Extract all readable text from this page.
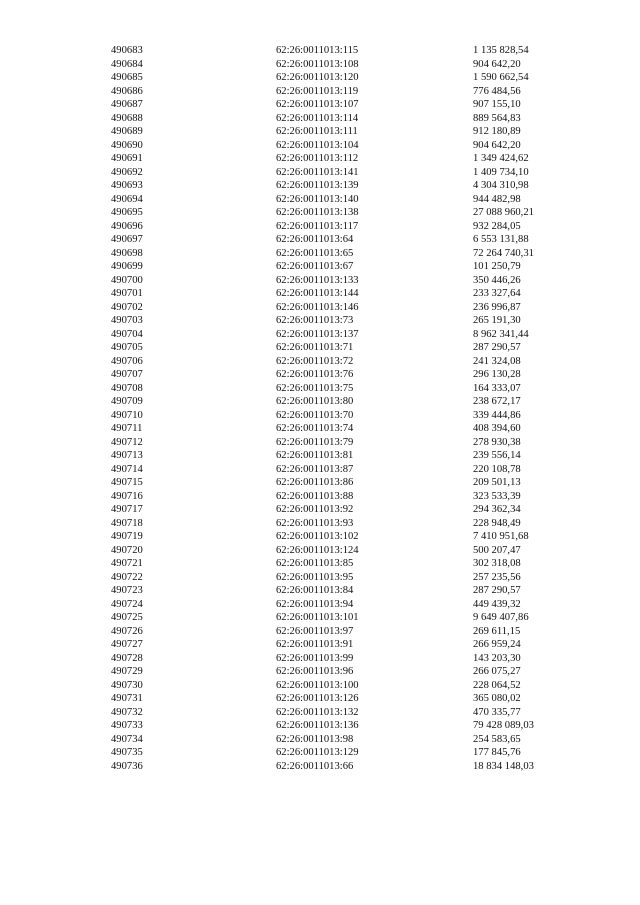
490683	62:26:0011013:115	1 135 828,54
490684	62:26:0011013:108	904 642,20
490685	62:26:0011013:120	1 590 662,54
490686	62:26:0011013:119	776 484,56
490687	62:26:0011013:107	907 155,10
490688	62:26:0011013:114	889 564,83
490689	62:26:0011013:111	912 180,89
490690	62:26:0011013:104	904 642,20
490691	62:26:0011013:112	1 349 424,62
490692	62:26:0011013:141	1 409 734,10
490693	62:26:0011013:139	4 304 310,98
490694	62:26:0011013:140	944 482,98
490695	62:26:0011013:138	27 088 960,21
490696	62:26:0011013:117	932 284,05
490697	62:26:0011013:64	6 553 131,88
490698	62:26:0011013:65	72 264 740,31
490699	62:26:0011013:67	101 250,79
490700	62:26:0011013:133	350 446,26
490701	62:26:0011013:144	233 327,64
490702	62:26:0011013:146	236 996,87
490703	62:26:0011013:73	265 191,30
490704	62:26:0011013:137	8 962 341,44
490705	62:26:0011013:71	287 290,57
490706	62:26:0011013:72	241 324,08
490707	62:26:0011013:76	296 130,28
490708	62:26:0011013:75	164 333,07
490709	62:26:0011013:80	238 672,17
490710	62:26:0011013:70	339 444,86
490711	62:26:0011013:74	408 394,60
490712	62:26:0011013:79	278 930,38
490713	62:26:0011013:81	239 556,14
490714	62:26:0011013:87	220 108,78
490715	62:26:0011013:86	209 501,13
490716	62:26:0011013:88	323 533,39
490717	62:26:0011013:92	294 362,34
490718	62:26:0011013:93	228 948,49
490719	62:26:0011013:102	7 410 951,68
490720	62:26:0011013:124	500 207,47
490721	62:26:0011013:85	302 318,08
490722	62:26:0011013:95	257 235,56
490723	62:26:0011013:84	287 290,57
490724	62:26:0011013:94	449 439,32
490725	62:26:0011013:101	9 649 407,86
490726	62:26:0011013:97	269 611,15
490727	62:26:0011013:91	266 959,24
490728	62:26:0011013:99	143 203,30
490729	62:26:0011013:96	266 075,27
490730	62:26:0011013:100	228 064,52
490731	62:26:0011013:126	365 080,02
490732	62:26:0011013:132	470 335,77
490733	62:26:0011013:136	79 428 089,03
490734	62:26:0011013:98	254 583,65
490735	62:26:0011013:129	177 845,76
490736	62:26:0011013:66	18 834 148,03
